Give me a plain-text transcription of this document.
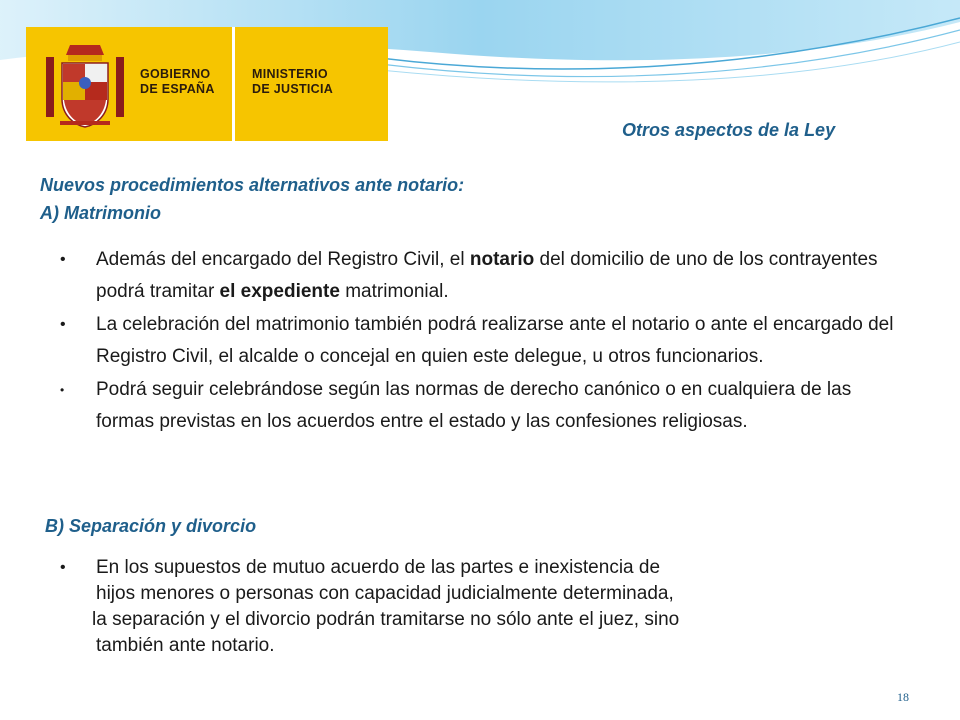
GOBIERNO
DE ESPAÑA
MINISTERIO
DE JUSTICIA
Otros aspectos de la Ley
Nuevos procedimientos alternativos ante notario:
A) Matrimonio
• Además del encargado del Registro Civil, el notario del domicilio de uno de los contrayentes podrá tramitar el expediente matrimonial.
• La celebración del matrimonio también podrá realizarse ante el notario o ante el encargado del Registro Civil, el alcalde o concejal en quien este delegue, u otros funcionarios.
• Podrá seguir celebrándose según las normas de derecho canónico o en cualquiera de las formas previstas en los acuerdos entre el estado y las confesiones religiosas.
B) Separación y divorcio
• En los supuestos de mutuo acuerdo de las partes e inexistencia de
hijos menores o personas con capacidad judicialmente determinada,
la separación y el divorcio podrán tramitarse no sólo ante el juez, sino
también ante notario.
18
